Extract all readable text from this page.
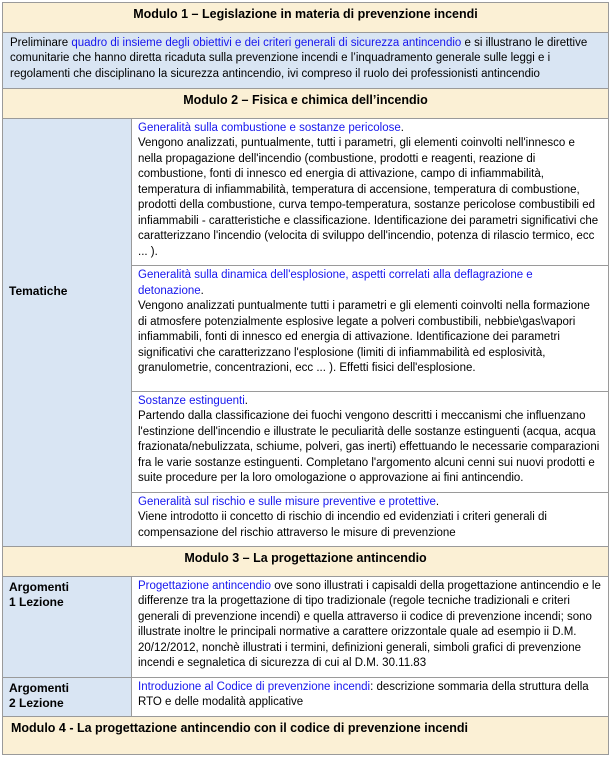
Modulo 1 – Legislazione in materia di prevenzione incendi
Preliminare quadro di insieme degli obiettivi e dei criteri generali di sicurezza antincendio e si illustrano le direttive comunitarie che hanno diretta ricaduta sulla prevenzione incendi e l’inquadramento generale sulle leggi e i regolamenti che disciplinano la sicurezza antincendio, ivi compreso il ruolo dei professionisti antincendio
Modulo 2 – Fisica e chimica dell’incendio
Tematiche
Generalità sulla combustione e sostanze pericolose.
Vengono analizzati, puntualmente, tutti i parametri, gli elementi coinvolti nell'innesco e nella propagazione dell'incendio (combustione, prodotti e reagenti, reazione di combustione, fonti di innesco ed energia di attivazione, campo di infiammabilità, temperatura di infiammabilità, temperatura di accensione, temperatura di combustione, prodotti della combustione, curva tempo-temperatura, sostanze pericolose combustibili ed infiammabili - caratteristiche e classificazione. Identificazione dei parametri significativi che caratterizzano l'incendio (velocita di sviluppo dell'incendio, potenza di rilascio termico, ecc ... ).
Generalità sulla dinamica dell'esplosione, aspetti correlati alla deflagrazione e detonazione.
Vengono analizzati puntualmente tutti i parametri e gli elementi coinvolti nella formazione di atmosfere potenzialmente esplosive legate a polveri combustibili, nebbie\gas\vapori infiammabili, fonti di innesco ed energia di attivazione. Identificazione dei parametri significativi che caratterizzano l'esplosione (limiti di infiammabilità ed esplosività, granulometrie, concentrazioni, ecc ... ). Effetti fisici dell'esplosione.
Sostanze estinguenti.
Partendo dalla classificazione dei fuochi vengono descritti i meccanismi che influenzano l'estinzione dell'incendio e illustrate le peculiarità delle sostanze estinguenti (acqua, acqua frazionata/nebulizzata, schiume, polveri, gas inerti) effettuando le necessarie comparazioni fra le varie sostanze estinguenti. Completano l'argomento alcuni cenni sui nuovi prodotti e suite procedure per la loro omologazione o approvazione ai fini antincendio.
Generalità sul rischio e sulle misure preventive e protettive.
Viene introdotto ii concetto di rischio di incendio ed evidenziati i criteri generali di compensazione del rischio attraverso le misure di prevenzione
Modulo 3 – La progettazione antincendio
Argomenti
1 Lezione
Progettazione antincendio ove sono illustrati i capisaldi della progettazione antincendio e le differenze tra la progettazione di tipo tradizionale (regole tecniche tradizionali e criteri generali di prevenzione incendi) e quella attraverso ii codice di prevenzione incendi; sono illustrate inoltre le principali normative a carattere orizzontale quale ad esempio ii D.M. 20/12/2012, nonchè illustrati i termini, definizioni generali, simboli grafici di prevenzione incendi e segnaletica di sicurezza di cui al D.M. 30.11.83
Argomenti
2 Lezione
Introduzione al Codice di prevenzione incendi: descrizione sommaria della struttura della RTO e delle modalità applicative
Modulo 4 - La progettazione antincendio con il codice di prevenzione incendi
